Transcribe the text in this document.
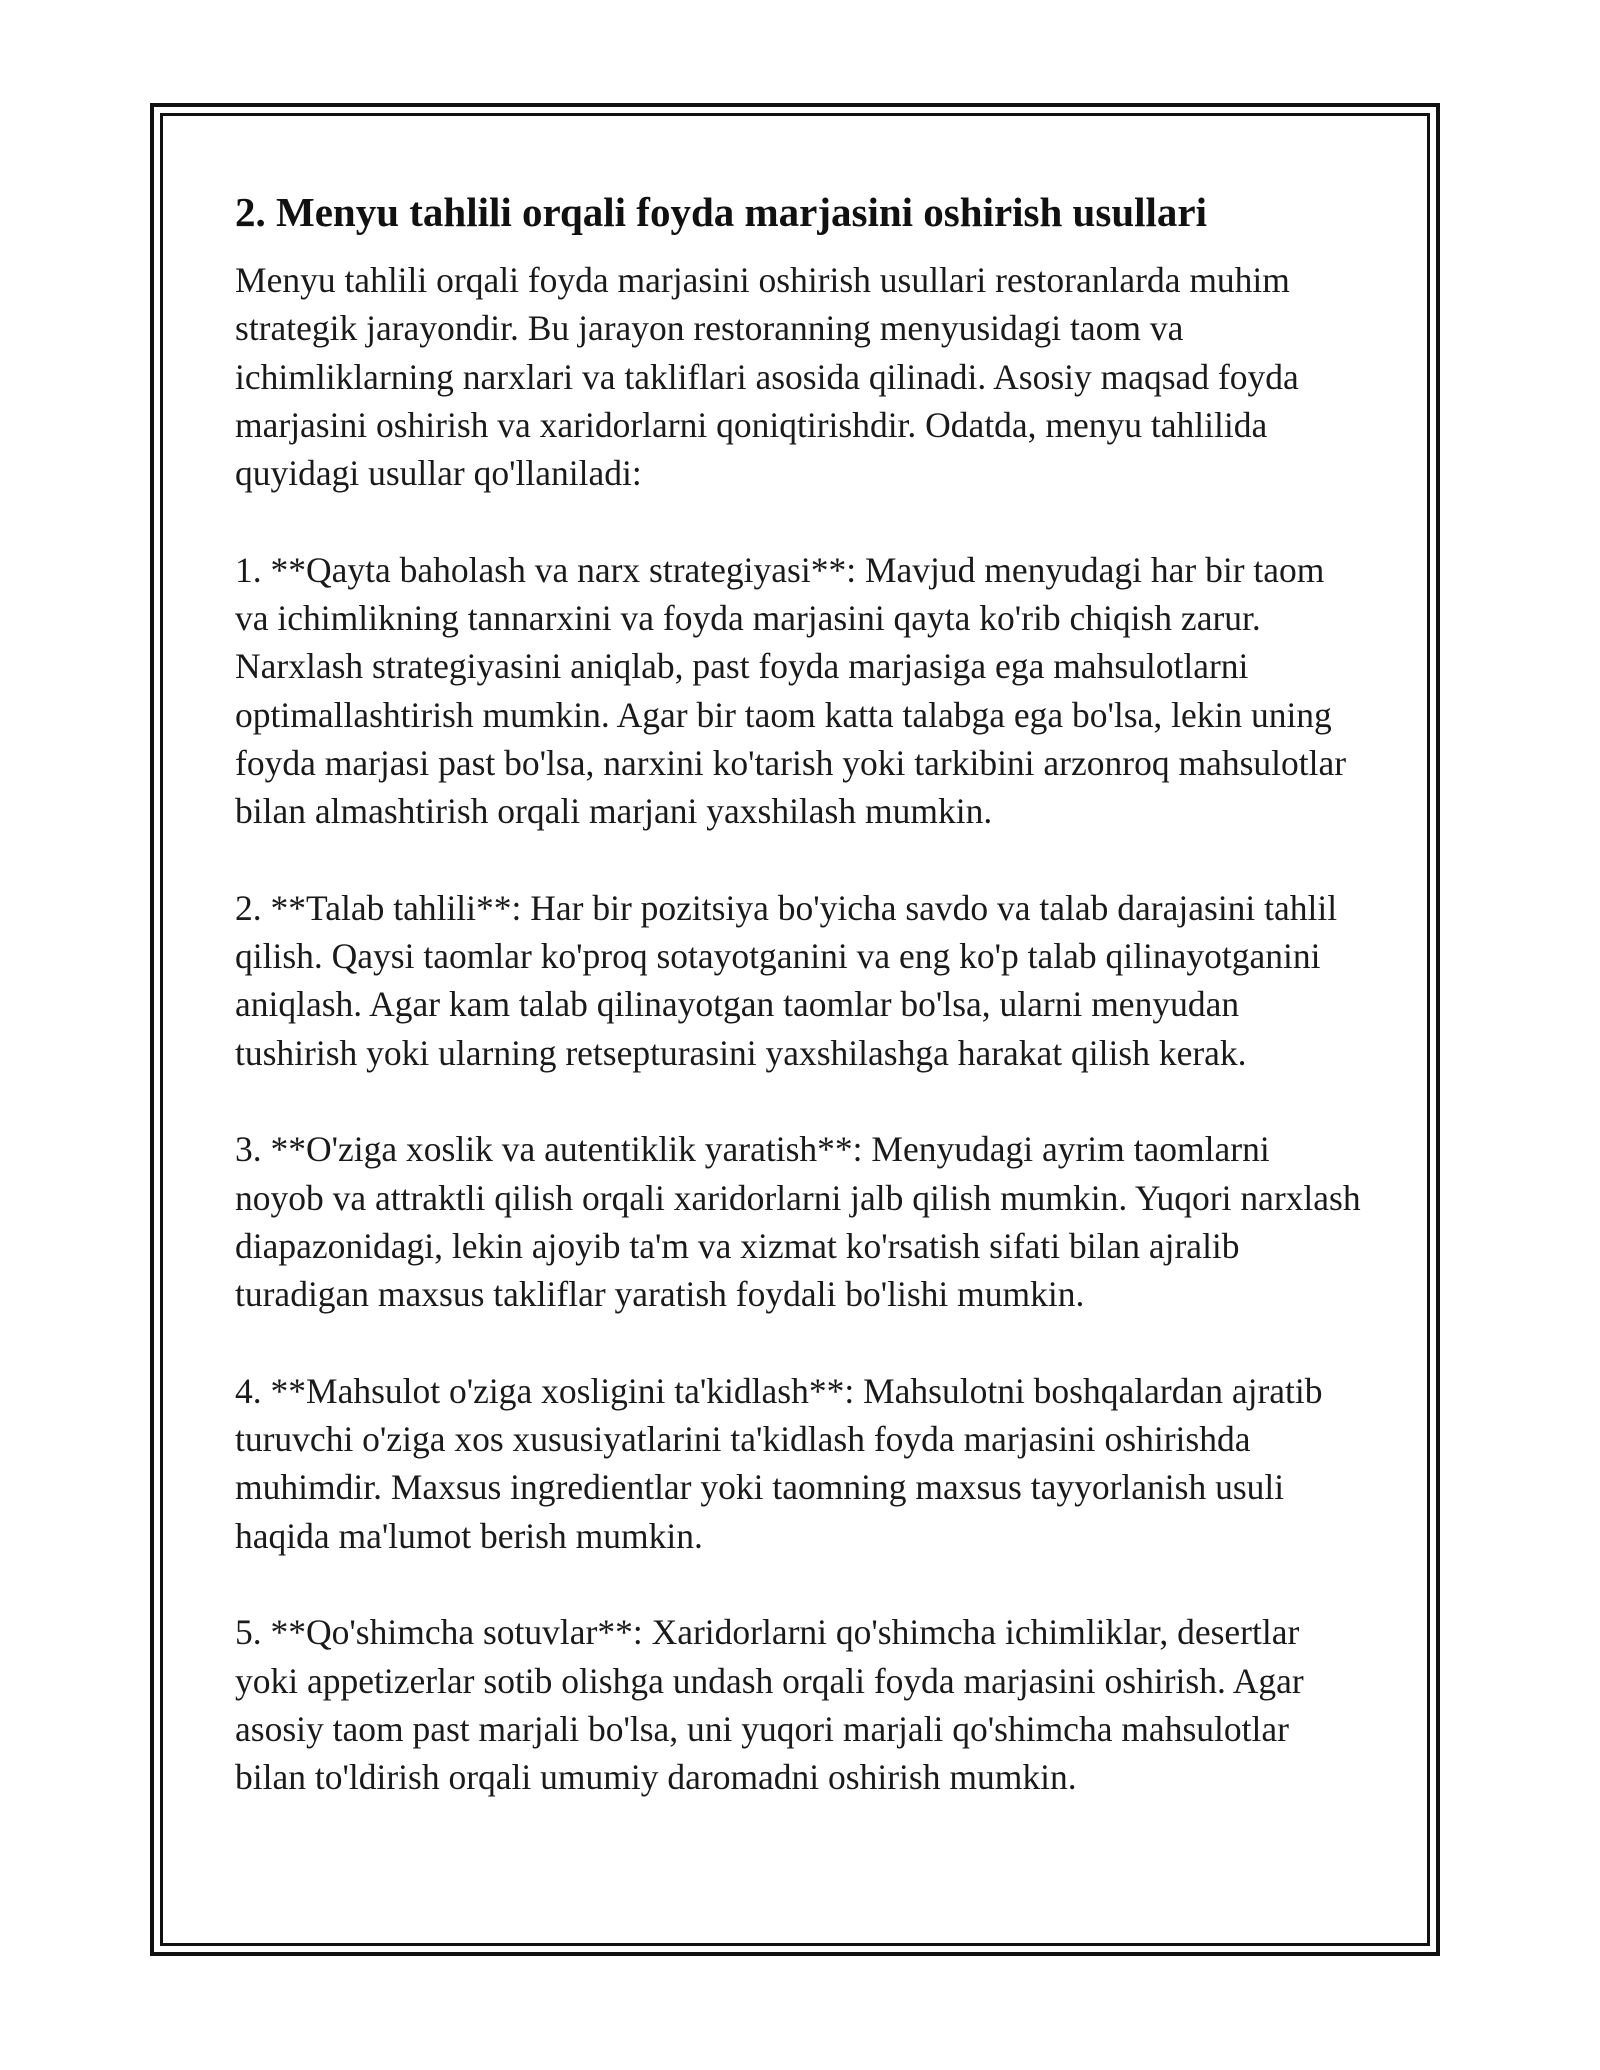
2. Menyu tahlili orqali foyda marjasini oshirish usullari

Menyu tahlili orqali foyda marjasini oshirish usullari restoranlarda muhim strategik jarayondir. Bu jarayon restoranning menyusidagi taom va ichimliklarning narxlari va takliflari asosida qilinadi. Asosiy maqsad foyda marjasini oshirish va xaridorlarni qoniqtirishdir. Odatda, menyu tahlilida quyidagi usullar qo'llaniladi:

1. **Qayta baholash va narx strategiyasi**: Mavjud menyudagi har bir taom va ichimlikning tannarxini va foyda marjasini qayta ko'rib chiqish zarur. Narxlash strategiyasini aniqlab, past foyda marjasiga ega mahsulotlarni optimallashtirish mumkin. Agar bir taom katta talabga ega bo'lsa, lekin uning foyda marjasi past bo'lsa, narxini ko'tarish yoki tarkibini arzonroq mahsulotlar bilan almashtirish orqali marjani yaxshilash mumkin.

2. **Talab tahlili**: Har bir pozitsiya bo'yicha savdo va talab darajasini tahlil qilish. Qaysi taomlar ko'proq sotayotganini va eng ko'p talab qilinayotganini aniqlash. Agar kam talab qilinayotgan taomlar bo'lsa, ularni menyudan tushirish yoki ularning retsepturasini yaxshilashga harakat qilish kerak.

3. **O'ziga xoslik va autentiklik yaratish**: Menyudagi ayrim taomlarni noyob va attraktli qilish orqali xaridorlarni jalb qilish mumkin. Yuqori narxlash diapazonidagi, lekin ajoyib ta'm va xizmat ko'rsatish sifati bilan ajralib turadigan maxsus takliflar yaratish foydali bo'lishi mumkin.

4. **Mahsulot o'ziga xosligini ta'kidlash**: Mahsulotni boshqalardan ajratib turuvchi o'ziga xos xususiyatlarini ta'kidlash foyda marjasini oshirishda muhimdir. Maxsus ingredientlar yoki taomning maxsus tayyorlanish usuli haqida ma'lumot berish mumkin.

5. **Qo'shimcha sotuvlar**: Xaridorlarni qo'shimcha ichimliklar, desertlar yoki appetizerlar sotib olishga undash orqali foyda marjasini oshirish. Agar asosiy taom past marjali bo'lsa, uni yuqori marjali qo'shimcha mahsulotlar bilan to'ldirish orqali umumiy daromadni oshirish mumkin.
